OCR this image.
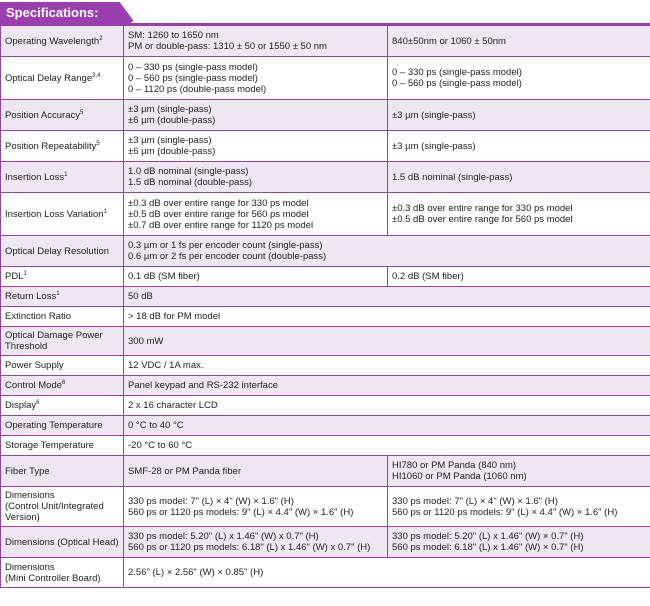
Specifications:
Operating Wavelength$^2$	SM: 1260 to 1650 nm
PM or double-pass: 1310 ± 50 or 1550 ± 50 nm	840±50nm or 1060 ± 50nm

Optical Delay Range$^{3,4}$	0 – 330 ps (single-pass model)
0 – 560 ps (single-pass model)
0 – 1120 ps (double-pass model)	0 – 330 ps (single-pass model)
0 – 560 ps (single-pass model)

Position Accuracy$^5$	±3 µm (single-pass)
±6 µm (double-pass)	±3 µm (single-pass)

Position Repeatability$^5$	±3 µm (single-pass)
±6 µm (double-pass)	±3 µm (single-pass)

Insertion Loss$^1$	1.0 dB nominal (single-pass)
1.5 dB nominal (double-pass)	1.5 dB nominal (single-pass)

Insertion Loss Variation$^1$	±0.3 dB over entire range for 330 ps model
±0.5 dB over entire range for 560 ps model
±0.7 dB over entire range for 1120 ps model	±0.3 dB over entire range for 330 ps model
±0.5 dB over entire range for 560 ps model

Optical Delay Resolution	0.3 µm or 1 fs per encoder count (single-pass)
0.6 µm or 2 fs per encoder count (double-pass)	

PDL$^1$	0.1 dB (SM fiber)	0.2 dB (SM fiber)

Return Loss$^1$	50 dB	

Extinction Ratio	> 18 dB for PM model	

Optical Damage Power
Threshold	300 mW	

Power Supply	12 VDC / 1A max.	

Control Mode$^6$	Panel keypad and RS-232 interface	

Display$^6$	2 x 16 character LCD	

Operating Temperature	0 °C to 40 °C	

Storage Temperature	-20 °C to 60 °C	

Fiber Type	SMF-28 or PM Panda fiber	HI780 or PM Panda (840 nm)
HI1060 or PM Panda (1060 nm)

Dimensions
(Control Unit/Integrated
Version)	330 ps model: 7" (L) × 4" (W) × 1.6" (H)
560 ps or 1120 ps models: 9" (L) × 4.4" (W) × 1.6" (H)	330 ps model: 7" (L) × 4" (W) × 1.6" (H)
560 ps or 1120 ps models: 9" (L) × 4.4" (W) × 1.6" (H)

Dimensions (Optical Head)	330 ps model: 5.20" (L) x 1.46" (W) x 0.7" (H)
560 ps or 1120 ps models: 6.18" (L) x 1.46" (W) x 0.7" (H)	330 ps model: 5.20" (L) x 1.46" (W) × 0.7" (H)
560 ps model: 6.18" (L) x 1.46" (W) × 0.7" (H)

Dimensions
(Mini Controller Board)	2.56" (L) × 2.56" (W) × 0.85" (H)	
